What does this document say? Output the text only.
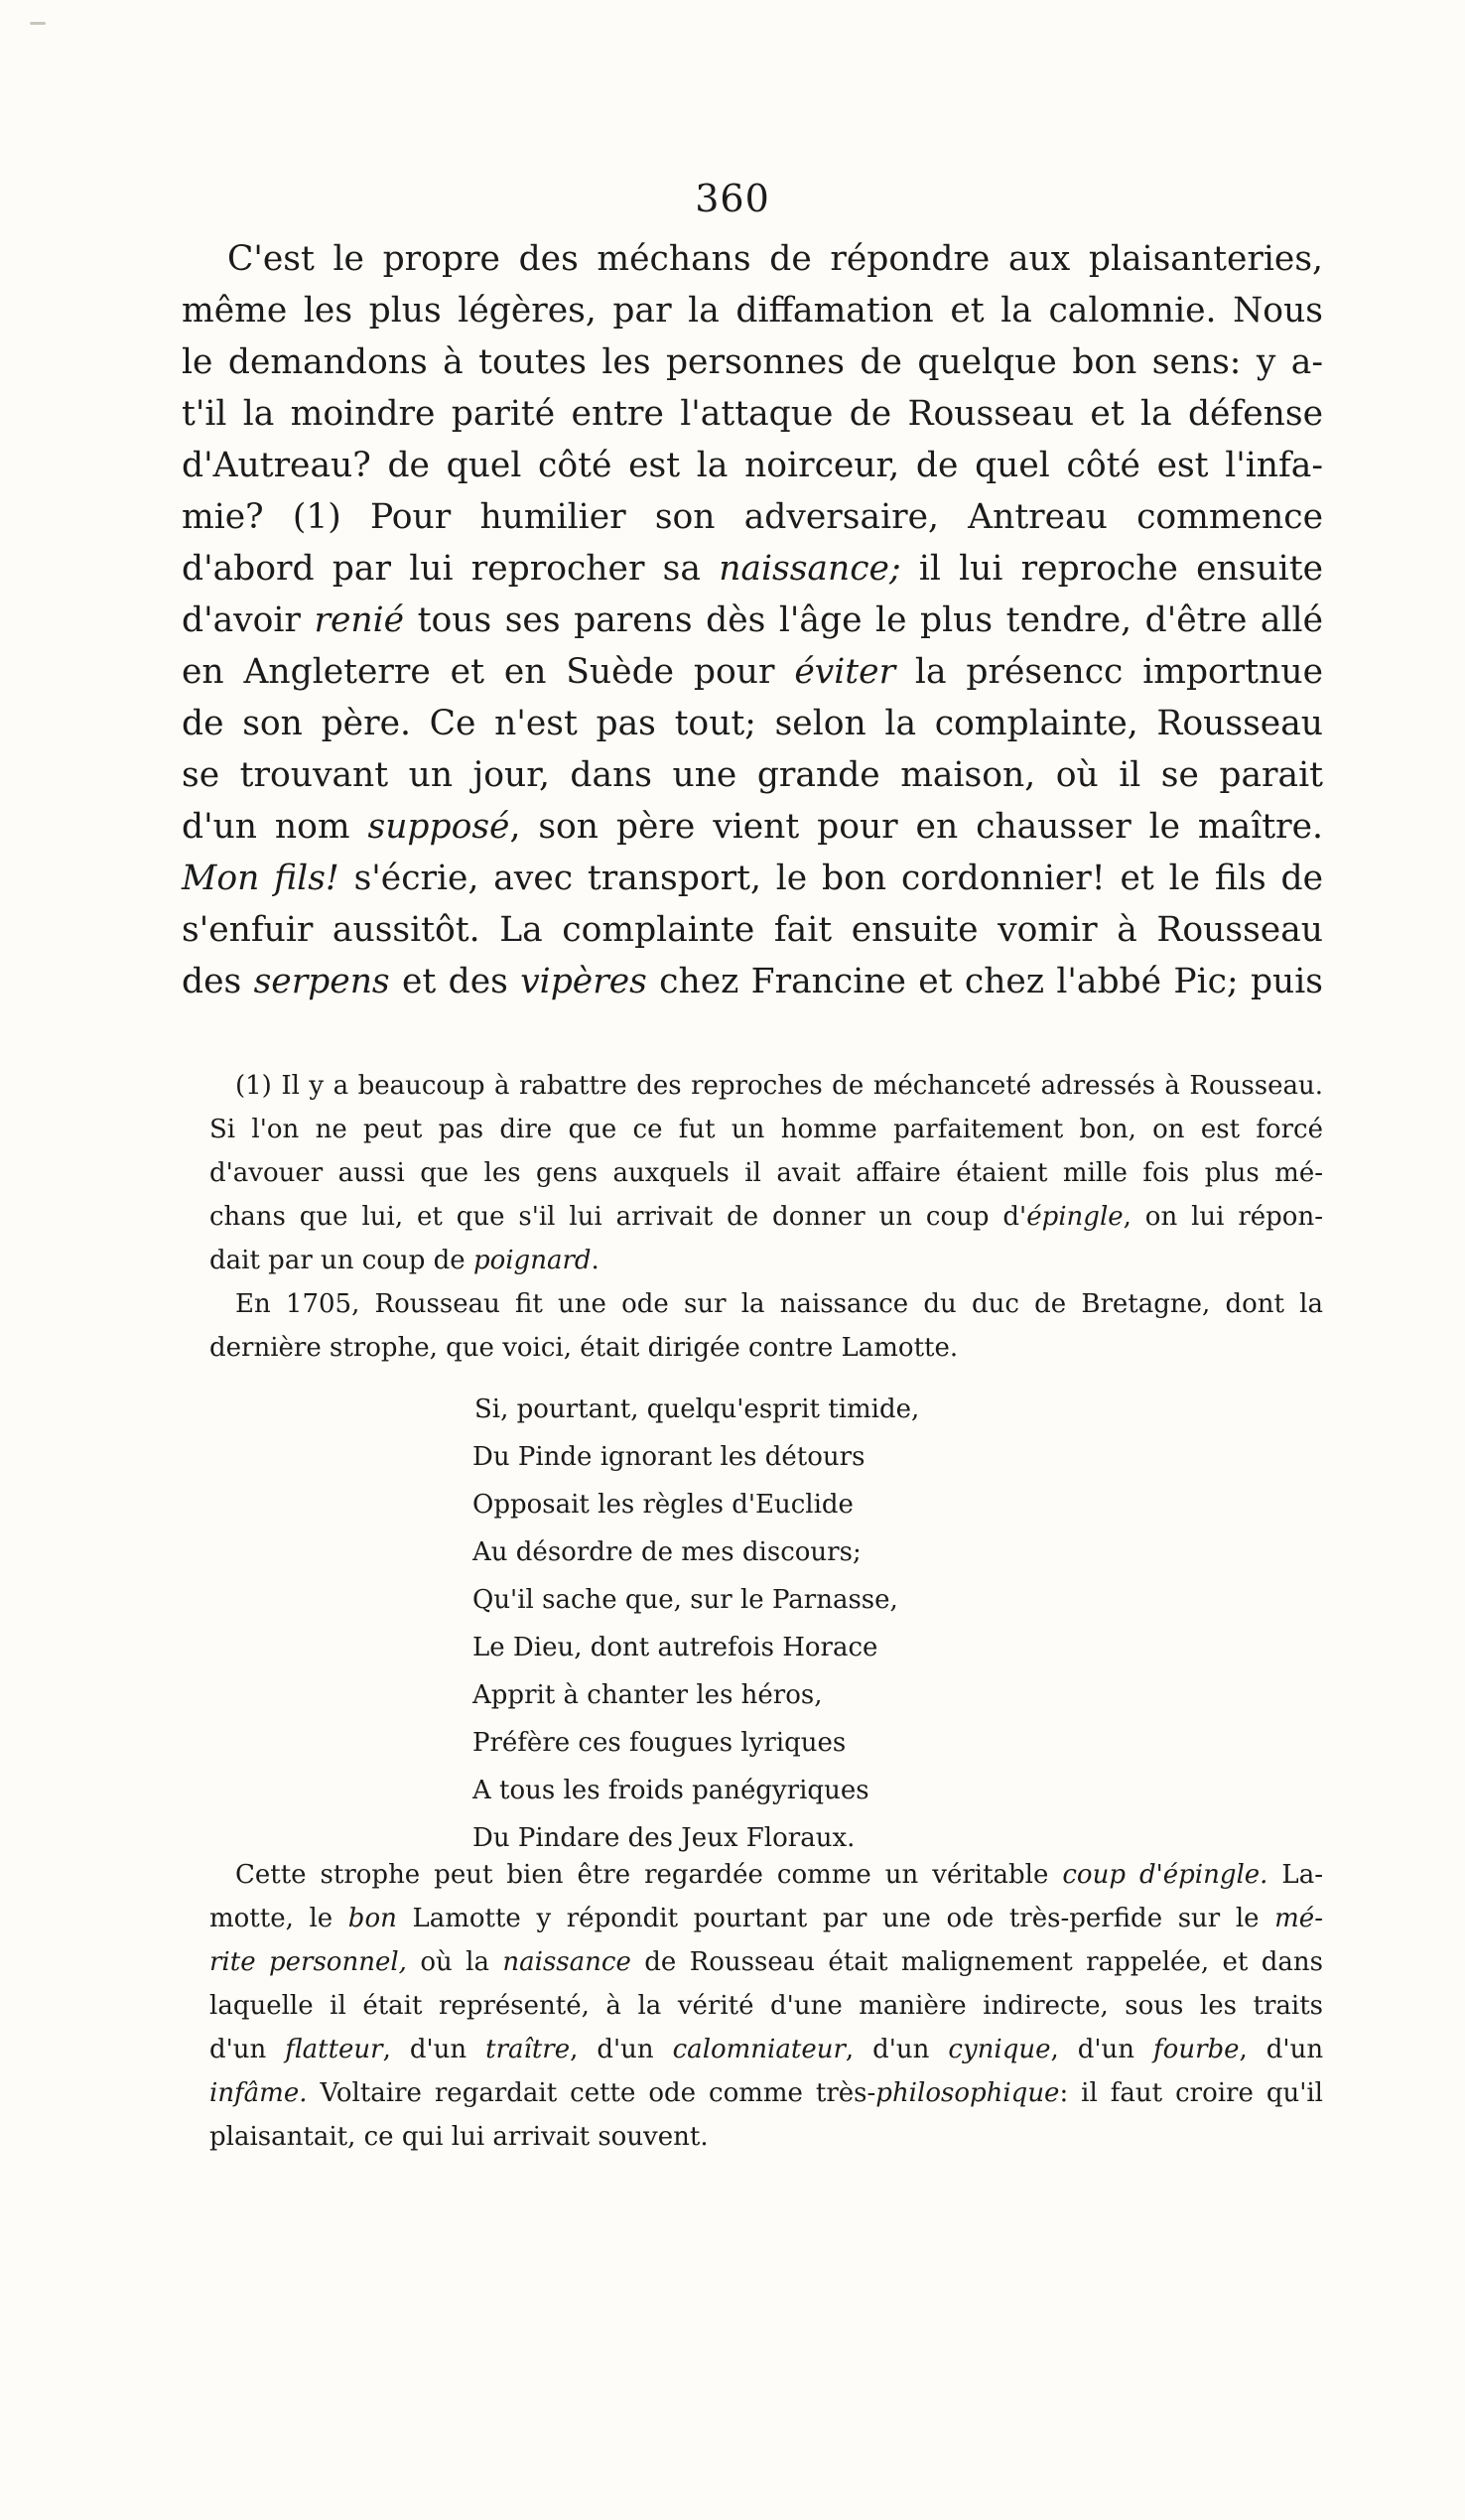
360
C'est le propre des méchans de répondre aux plaisanteries,
même les plus légères, par la diffamation et la calomnie. Nous
le demandons à toutes les personnes de quelque bon sens: y a-
t'il la moindre parité entre l'attaque de Rousseau et la défense
d'Autreau? de quel côté est la noirceur, de quel côté est l'infa-
mie? (1) Pour humilier son adversaire, Antreau commence
d'abord par lui reprocher sa naissance; il lui reproche ensuite
d'avoir renié tous ses parens dès l'âge le plus tendre, d'être allé
en Angleterre et en Suède pour éviter la présencc importnue
de son père. Ce n'est pas tout; selon la complainte, Rousseau
se trouvant un jour, dans une grande maison, où il se parait
d'un nom supposé, son père vient pour en chausser le maître.
Mon fils! s'écrie, avec transport, le bon cordonnier! et le fils de
s'enfuir aussitôt. La complainte fait ensuite vomir à Rousseau
des serpens et des vipères chez Francine et chez l'abbé Pic; puis
(1) Il y a beaucoup à rabattre des reproches de méchanceté adressés à Rousseau.
Si l'on ne peut pas dire que ce fut un homme parfaitement bon, on est forcé
d'avouer aussi que les gens auxquels il avait affaire étaient mille fois plus mé-
chans que lui, et que s'il lui arrivait de donner un coup d'épingle, on lui répon-
dait par un coup de poignard.
En 1705, Rousseau fit une ode sur la naissance du duc de Bretagne, dont la
dernière strophe, que voici, était dirigée contre Lamotte.
Si, pourtant, quelqu'esprit timide,
Du Pinde ignorant les détours
Opposait les règles d'Euclide
Au désordre de mes discours;
Qu'il sache que, sur le Parnasse,
Le Dieu, dont autrefois Horace
Apprit à chanter les héros,
Préfère ces fougues lyriques
A tous les froids panégyriques
Du Pindare des Jeux Floraux.
Cette strophe peut bien être regardée comme un véritable coup d'épingle. La-
motte, le bon Lamotte y répondit pourtant par une ode très-perfide sur le mé-
rite personnel, où la naissance de Rousseau était malignement rappelée, et dans
laquelle il était représenté, à la vérité d'une manière indirecte, sous les traits
d'un flatteur, d'un traître, d'un calomniateur, d'un cynique, d'un fourbe, d'un
infâme. Voltaire regardait cette ode comme très-philosophique: il faut croire qu'il
plaisantait, ce qui lui arrivait souvent.
